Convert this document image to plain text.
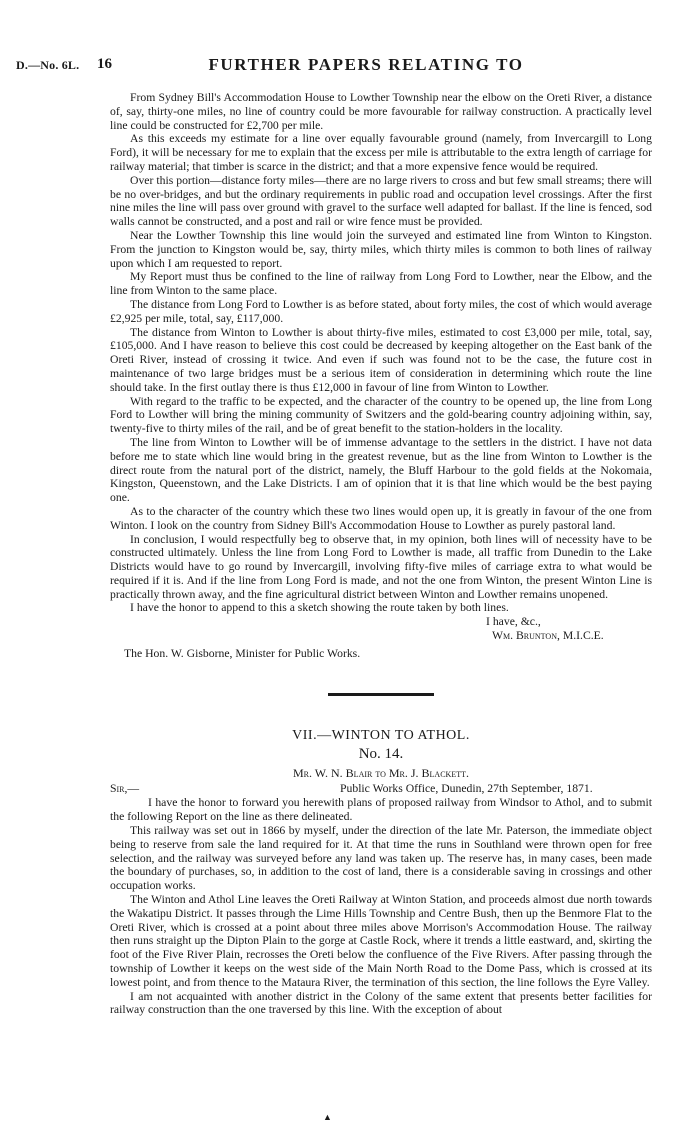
D.—No. 6L. 16	FURTHER PAPERS RELATING TO

From Sydney Bill's Accommodation House to Lowther Township near the elbow on the Oreti River, a distance of, say, thirty-one miles, no line of country could be more favourable for railway construction. A practically level line could be constructed for £2,700 per mile.

As this exceeds my estimate for a line over equally favourable ground (namely, from Invercargill to Long Ford), it will be necessary for me to explain that the excess per mile is attributable to the extra length of carriage for railway material; that timber is scarce in the district; and that a more expensive fence would be required.

Over this portion—distance forty miles—there are no large rivers to cross and but few small streams; there will be no over-bridges, and but the ordinary requirements in public road and occupation level crossings. After the first nine miles the line will pass over ground with gravel to the surface well adapted for ballast. If the line is fenced, sod walls cannot be constructed, and a post and rail or wire fence must be provided.

Near the Lowther Township this line would join the surveyed and estimated line from Winton to Kingston. From the junction to Kingston would be, say, thirty miles, which thirty miles is common to both lines of railway upon which I am requested to report.

My Report must thus be confined to the line of railway from Long Ford to Lowther, near the Elbow, and the line from Winton to the same place.

The distance from Long Ford to Lowther is as before stated, about forty miles, the cost of which would average £2,925 per mile, total, say, £117,000.

The distance from Winton to Lowther is about thirty-five miles, estimated to cost £3,000 per mile, total, say, £105,000. And I have reason to believe this cost could be decreased by keeping altogether on the East bank of the Oreti River, instead of crossing it twice. And even if such was found not to be the case, the future cost in maintenance of two large bridges must be a serious item of consideration in determining which route the line should take. In the first outlay there is thus £12,000 in favour of line from Winton to Lowther.

With regard to the traffic to be expected, and the character of the country to be opened up, the line from Long Ford to Lowther will bring the mining community of Switzers and the gold-bearing country adjoining within, say, twenty-five to thirty miles of the rail, and be of great benefit to the station-holders in the locality.

The line from Winton to Lowther will be of immense advantage to the settlers in the district. I have not data before me to state which line would bring in the greatest revenue, but as the line from Winton to Lowther is the direct route from the natural port of the district, namely, the Bluff Harbour to the gold fields at the Nokomaia, Kingston, Queenstown, and the Lake Districts. I am of opinion that it is that line which would be the best paying one.

As to the character of the country which these two lines would open up, it is greatly in favour of the one from Winton. I look on the country from Sidney Bill's Accommodation House to Lowther as purely pastoral land.

In conclusion, I would respectfully beg to observe that, in my opinion, both lines will of necessity have to be constructed ultimately. Unless the line from Long Ford to Lowther is made, all traffic from Dunedin to the Lake Districts would have to go round by Invercargill, involving fifty-five miles of carriage extra to what would be required if it is. And if the line from Long Ford is made, and not the one from Winton, the present Winton Line is practically thrown away, and the fine agricultural district between Winton and Lowther remains unopened.

I have the honor to append to this a sketch showing the route taken by both lines.

I have, &c.,
Wm. Brunton, M.I.C.E.

The Hon. W. Gisborne, Minister for Public Works.

VII.—WINTON TO ATHOL.

No. 14.

Mr. W. N. Blair to Mr. J. Blackett.

Sir,—	Public Works Office, Dunedin, 27th September, 1871.

I have the honor to forward you herewith plans of proposed railway from Windsor to Athol, and to submit the following Report on the line as there delineated.

This railway was set out in 1866 by myself, under the direction of the late Mr. Paterson, the immediate object being to reserve from sale the land required for it. At that time the runs in Southland were thrown open for free selection, and the railway was surveyed before any land was taken up. The reserve has, in many cases, been made the boundary of purchases, so, in addition to the cost of land, there is a considerable saving in crossings and other occupation works.

The Winton and Athol Line leaves the Oreti Railway at Winton Station, and proceeds almost due north towards the Wakatipu District. It passes through the Lime Hills Township and Centre Bush, then up the Benmore Flat to the Oreti River, which is crossed at a point about three miles above Morrison's Accommodation House. The railway then runs straight up the Dipton Plain to the gorge at Castle Rock, where it trends a little eastward, and, skirting the foot of the Five River Plain, recrosses the Oreti below the confluence of the Five Rivers. After passing through the township of Lowther it keeps on the west side of the Main North Road to the Dome Pass, which is crossed at its lowest point, and from thence to the Mataura River, the termination of this section, the line follows the Eyre Valley.

I am not acquainted with another district in the Colony of the same extent that presents better facilities for railway construction than the one traversed by this line. With the exception of about

▲
